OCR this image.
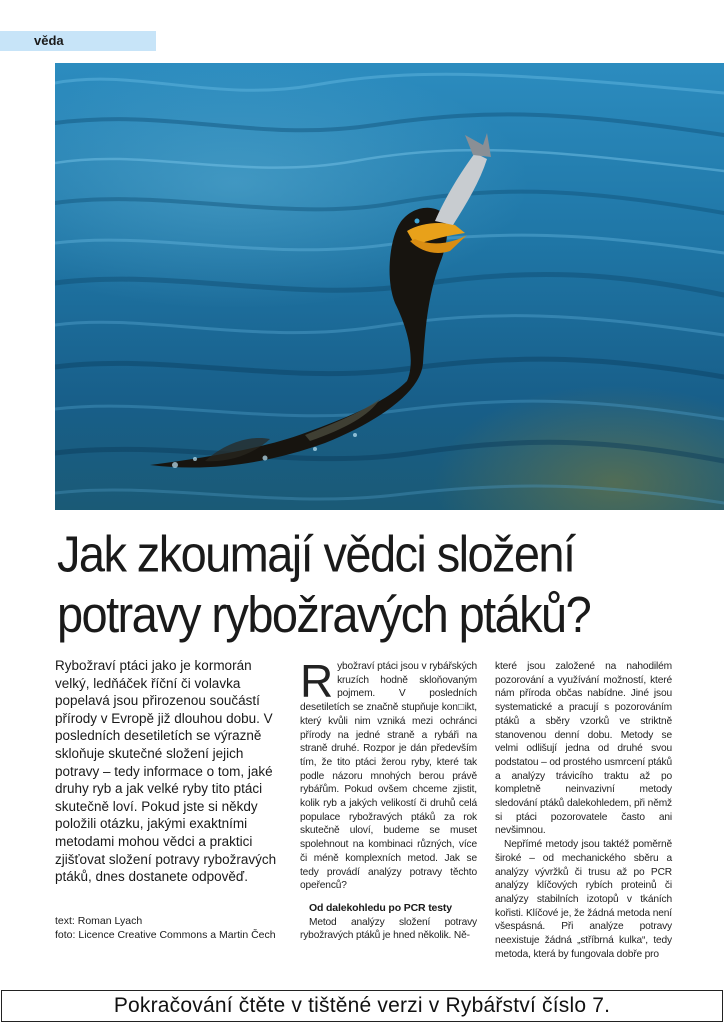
věda
Jak zkoumají vědci složení
potravy rybožravých ptáků?

Rybožraví ptáci jako je kormorán velký, ledňáček říční či volavka popelavá jsou přirozenou součástí přírody v Evropě již dlouhou dobu. V posledních desetiletích se výrazně skloňuje skutečné složení jejich potravy – tedy informace o tom, jaké druhy ryb a jak velké ryby tito ptáci skutečně loví. Pokud jste si někdy položili otázku, jakými exaktními metodami mohou vědci a praktici zjišťovat složení potravy rybožravých ptáků, dnes dostanete odpověď.

text: Roman Lyach
foto: Licence Creative Commons a Martin Čech

Rybožraví ptáci jsou v rybářských kruzích hodně skloňovaným pojmem. V posledních desetiletích se značně stupňuje kon□ikt, který kvůli nim vzniká mezi ochránci přírody na jedné straně a rybáři na straně druhé. Rozpor je dán především tím, že tito ptáci žerou ryby, které tak podle názoru mnohých berou právě rybářům. Pokud ovšem chceme zjistit, kolik ryb a jakých velikostí či druhů celá populace rybožravých ptáků za rok skutečně uloví, budeme se muset spolehnout na kombinaci různých, více či méně komplexních metod. Jak se tedy provádí analýzy potravy těchto opeřenců?

Od dalekohledu po PCR testy

Metod analýzy složení potravy rybožravých ptáků je hned několik. Ně-

které jsou založené na nahodilém pozorování a využívání možností, které nám příroda občas nabídne. Jiné jsou systematické a pracují s pozorováním ptáků a sběry vzorků ve striktně stanovenou denní dobu. Metody se velmi odlišují jedna od druhé svou podstatou – od prostého usmrcení ptáků a analýzy trávicího traktu až po kompletně neinvazivní metody sledování ptáků dalekohledem, při němž si ptáci pozorovatele často ani nevšimnou.

Nepřímé metody jsou taktéž poměrně široké – od mechanického sběru a analýzy vývržků či trusu až po PCR analýzy klíčových rybích proteinů či analýzy stabilních izotopů v tkáních kořisti. Klíčové je, že žádná metoda není všespásná. Při analýze potravy neexistuje žádná „stříbrná kulka“, tedy metoda, která by fungovala dobře pro

Pokračování čtěte v tištěné verzi v Rybářství číslo 7.
